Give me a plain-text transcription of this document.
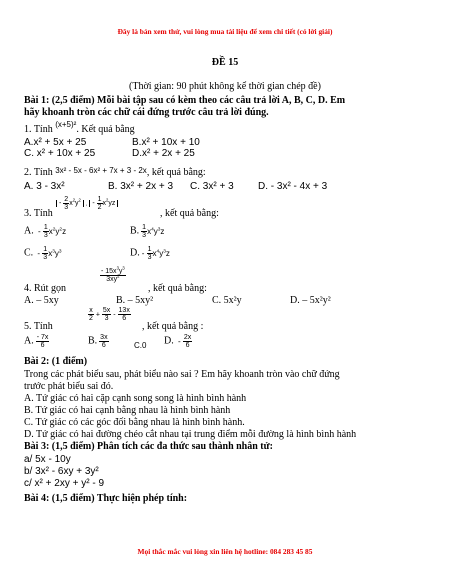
Đây là bản xem thử, vui lòng mua tài liệu để xem chi tiết (có lời giải)
ĐỀ 15
(Thời gian: 90 phút không kể thời gian chép đề)
Bài 1: (2,5 điểm) Mỗi bài tập sau có kèm theo các câu trả lời A, B, C, D. Em
hãy khoanh tròn các chữ cái đứng trước câu trả lời đúng.
1. Tính $^{(x+5)^2}$. Kết quả bằng
A.x² + 5x + 25	B.x² + 10x + 10
C. x² + 10x + 25	D.x² + 2x + 25
2. Tính $^{3x^2 - 5x - 6x^2 + 7x + 3 - 2x}$, kết quả bằng:
A. 3 - 3x²	B. 3x² + 2x + 3 C. 3x² + 3 D. - 3x² - 4x + 3
3. Tính
- $\frac{2}{3} x^2y^2$ . - $\frac{1}{2} x^2yz$
, kết quả bằng:
A.  - $\frac{1}{3} x^2y^2z$	B. $\frac{1}{3} x^4y^3z$
C.  - $\frac{1}{3} x^3y^3$	D. - $\frac{1}{3} x^4y^3z$
4. Rút gọn
$\frac{- 15x^3y^3}{3xy^2}$
, kết quả bằng:
A. – 5xy	B. – 5xy²	C. 5x²y	D. – 5x²y²
5. Tính
$\frac{x}{2} + \frac{5x}{3} - \frac{13x}{6}$
, kết quả bằng :
A. $\frac{- 7x}{6}$	B. $\frac{3x}{6}$	C.0 D.  - $\frac{2x}{6}$
Bài 2: (1 điểm)
Trong các phát biểu sau, phát biểu nào sai ? Em hãy khoanh tròn vào chữ đứng
trước phát biểu sai đó.
A. Tứ giác có hai cặp cạnh song song là hình bình hành
B. Tứ giác có hai cạnh bằng nhau là hình bình hành
C. Tứ giác có các góc đối bằng nhau là hình bình hành.
D. Tứ giác có hai đường chéo cắt nhau tại trung điểm mỗi đường là hình bình hành
Bài 3: (1,5 điểm) Phân tích các đa thức sau thành nhân tử:
a/ 5x - 10y
b/ 3x² - 6xy + 3y²
c/ x² + 2xy + y² - 9
Bài 4: (1,5 điểm) Thực hiện phép tính:
Mọi thắc mắc vui lòng xin liên hệ hotline: 084 283 45 85
